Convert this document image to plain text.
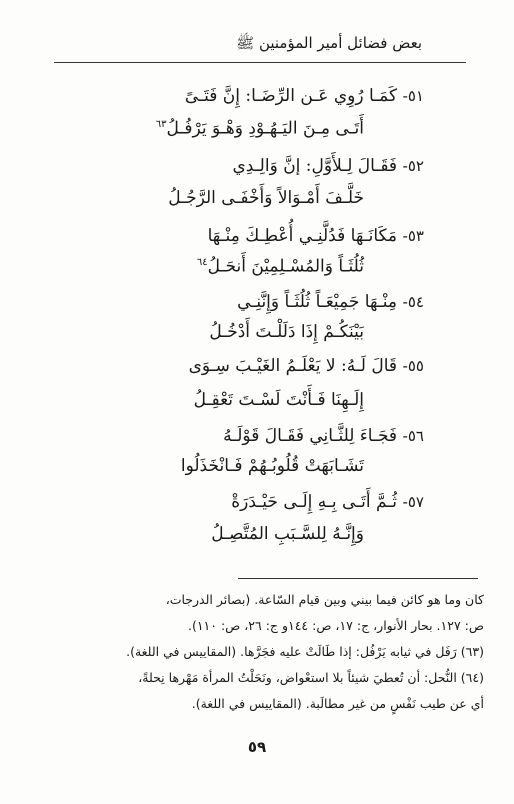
بعض فضائل أمير المؤمنين ﷺ
٥١- كَمَـا رُوِي عَـن الرِّضَـا: إِنَّ فَتَـىً
أَتَـى مِـنَ اليَـهُـوْدِ وَهْـوَ يَرْفُـلُ$^{٦٣}$
٥٢- فَقَـالَ لِـلأَوَّلِ: إنَّ وَالِـدِي
خَلَّـفَ أَمْـوَالاً وَأَخْفَـى الرَّجُـلُ
٥٣- مَكَانَـهَا فَدُلَّنِـي أُعْطِـكَ مِنْـهَا
ثُلُثَـاً وَالمُسْـلِمِيْنَ أَنحَـلُ$^{٦٤}$
٥٤- مِنْـهَا جَمِيْعَـاً ثُلُثَـاً وَإِنَّنِـي
بَيْنَكُـمْ إِذَا دَلَلْـتَ أَدْخُـلُ
٥٥- قَالَ لَـهُ: لا يَعْلَـمُ الغَيْـبَ سِـوَى
إِلَـهِنَا فَـأَنْتَ لَسْـتَ تَعْقِـلُ
٥٦- فَجَـاءَ لِلثَّـانِي فَقَـالَ قَوْلَـهُ
تَشَـابَهَتْ قُلُوبُـهُمْ فَـانْخَذَلُوا
٥٧- ثُـمَّ أَتَـى بِـهِ إِلَـى حَيْـدَرَةْ
وَإِنَّـهُ لِلسَّـبَبِ المُتَّصِـلُ
كان وما هو كائن فيما بيني وبين قيام السّاعة. (بصائر الدرجات،
ص: ١٢٧. بحار الأنوار، ج: ١٧، ص: ١٤٤و ج: ٢٦، ص: ١١٠).
(٦٣) رَفَل في ثيابه يَرْفُل: إذا طَالَتْ عليه فجَرَّها. (المقاييس في اللغة).
(٦٤) النُّحل: أن تُعطيَ شيئاً بلا استعْواض، ونَحَلْتُ المرأة مَهْرها نِحلةً،
أي عن طيب نَفْسٍ من غير مطالَبة. (المقاييس في اللغة).
٥٩
